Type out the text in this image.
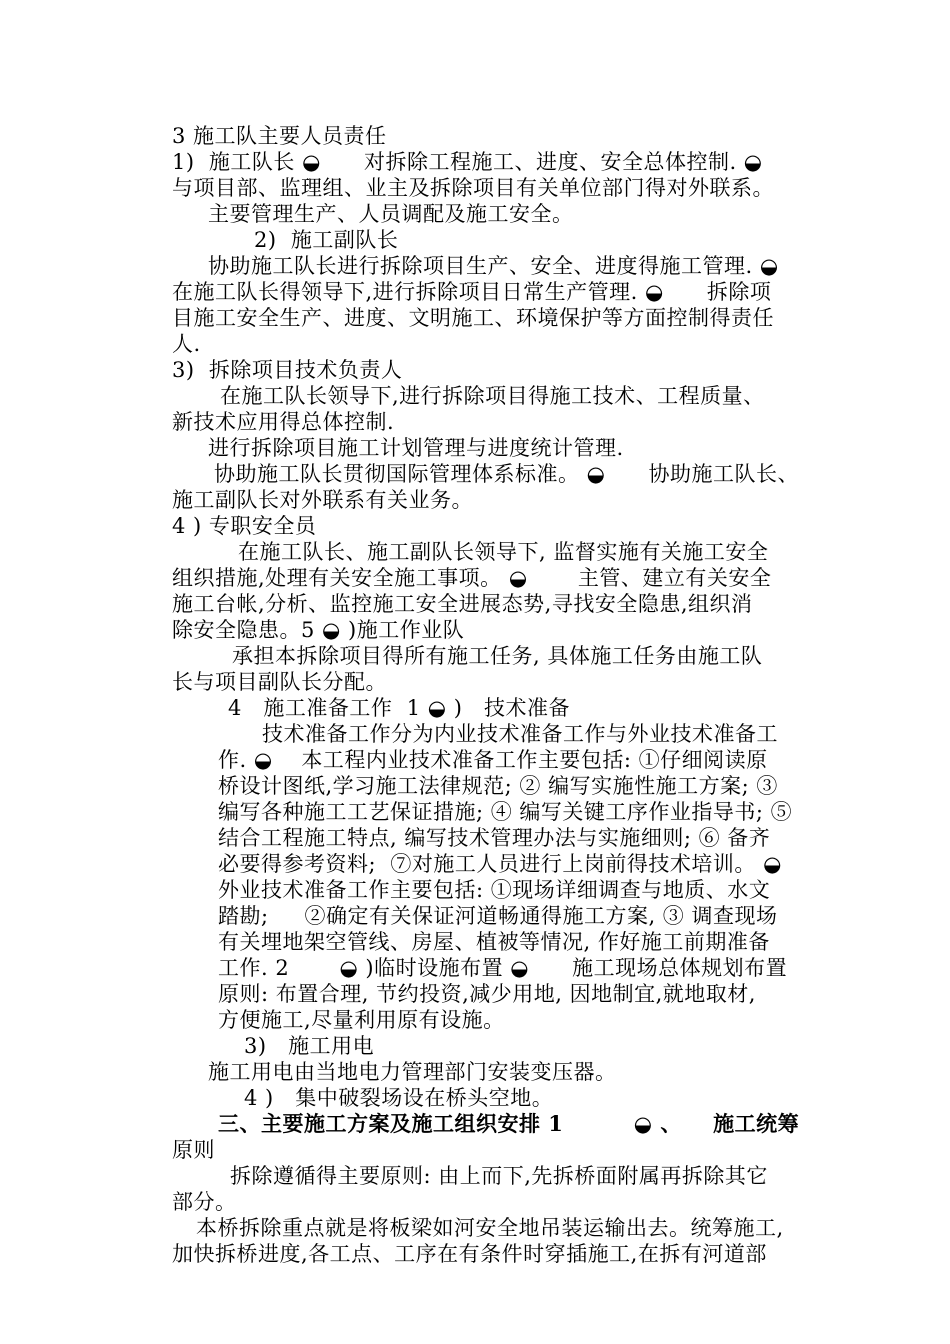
3 施工队主要人员责任
1)  施工队长 ◒      对拆除工程施工、进度、安全总体控制. ◒
与项目部、监理组、业主及拆除项目有关单位部门得对外联系。
主要管理生产、人员调配及施工安全。
2)  施工副队长
协助施工队长进行拆除项目生产、安全、进度得施工管理. ◒
在施工队长得领导下,进行拆除项目日常生产管理. ◒      拆除项
目施工安全生产、进度、文明施工、环境保护等方面控制得责任
人.
3)  拆除项目技术负责人
在施工队长领导下,进行拆除项目得施工技术、工程质量、
新技术应用得总体控制.
进行拆除项目施工计划管理与进度统计管理.
协助施工队长贯彻国际管理体系标准。 ◒      协助施工队长、
施工副队长对外联系有关业务。
4 ) 专职安全员
在施工队长、施工副队长领导下, 监督实施有关施工安全
组织措施,处理有关安全施工事项。 ◒       主管、建立有关安全
施工台帐,分析、监控施工安全进展态势,寻找安全隐患,组织消
除安全隐患。5 ◒ )施工作业队
承担本拆除项目得所有施工任务, 具体施工任务由施工队
长与项目副队长分配。
4   施工准备工作  1 ◒ )   技术准备
技术准备工作分为内业技术准备工作与外业技术准备工
作. ◒    本工程内业技术准备工作主要包括: ①仔细阅读原
桥设计图纸,学习施工法律规范; ② 编写实施性施工方案; ③
编写各种施工工艺保证措施; ④ 编写关键工序作业指导书; ⑤
结合工程施工特点, 编写技术管理办法与实施细则; ⑥ 备齐
必要得参考资料;  ⑦对施工人员进行上岗前得技术培训。 ◒
外业技术准备工作主要包括: ①现场详细调查与地质、水文
踏勘;     ②确定有关保证河道畅通得施工方案, ③ 调查现场
有关埋地架空管线、房屋、植被等情况, 作好施工前期准备
工作. 2       ◒ )临时设施布置 ◒      施工现场总体规划布置
原则: 布置合理, 节约投资,减少用地, 因地制宜,就地取材,
方便施工,尽量利用原有设施。
3)   施工用电
施工用电由当地电力管理部门安装变压器。
4 )   集中破裂场设在桥头空地。
三、主要施工方案及施工组织安排 1         ◒ 、    施工统筹
原则
拆除遵循得主要原则: 由上而下,先拆桥面附属再拆除其它
部分。
本桥拆除重点就是将板梁如河安全地吊装运输出去。统筹施工,
加快拆桥进度,各工点、工序在有条件时穿插施工,在拆有河道部
